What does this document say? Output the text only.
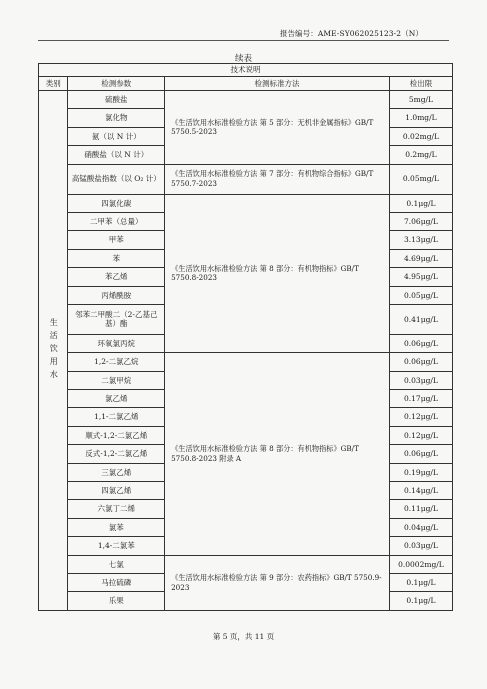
报告编号：AME-SY062025123-2（N）
续表
技术说明			
类别	检测参数	检测标准方法	检出限

生活饮用水	硫酸盐	《生活饮用水标准检验方法 第 5 部分：无机非金属指标》GB/T 5750.5-2023	5mg/L
	氯化物		1.0mg/L
	氨（以 N 计）		0.02mg/L
	硝酸盐（以 N 计）		0.2mg/L
	高锰酸盐指数（以 O₂ 计）	《生活饮用水标准检验方法 第 7 部分：有机物综合指标》GB/T 5750.7-2023	0.05mg/L
	四氯化碳	《生活饮用水标准检验方法 第 8 部分：有机物指标》GB/T 5750.8-2023	0.1μg/L
	二甲苯（总量）		7.06μg/L
	甲苯		3.13μg/L
	苯		4.69μg/L
	苯乙烯		4.95μg/L
	丙烯酰胺		0.05μg/L
	邻苯二甲酸二（2-乙基己基）酯		0.41μg/L
	环氧氯丙烷		0.06μg/L
	1,2-二氯乙烷	《生活饮用水标准检验方法 第 8 部分：有机物指标》GB/T 5750.8-2023 附录 A	0.06μg/L
	二氯甲烷		0.03μg/L
	氯乙烯		0.17μg/L
	1,1-二氯乙烯		0.12μg/L
	顺式-1,2-二氯乙烯		0.12μg/L
	反式-1,2-二氯乙烯		0.06μg/L
	三氯乙烯		0.19μg/L
	四氯乙烯		0.14μg/L
	六氯丁二烯		0.11μg/L
	氯苯		0.04μg/L
	1,4-二氯苯		0.03μg/L
	七氯	《生活饮用水标准检验方法 第 9 部分：农药指标》GB/T 5750.9-2023	0.0002mg/L
	马拉硫磷		0.1μg/L
	乐果		0.1μg/L
第 5 页，共 11 页
